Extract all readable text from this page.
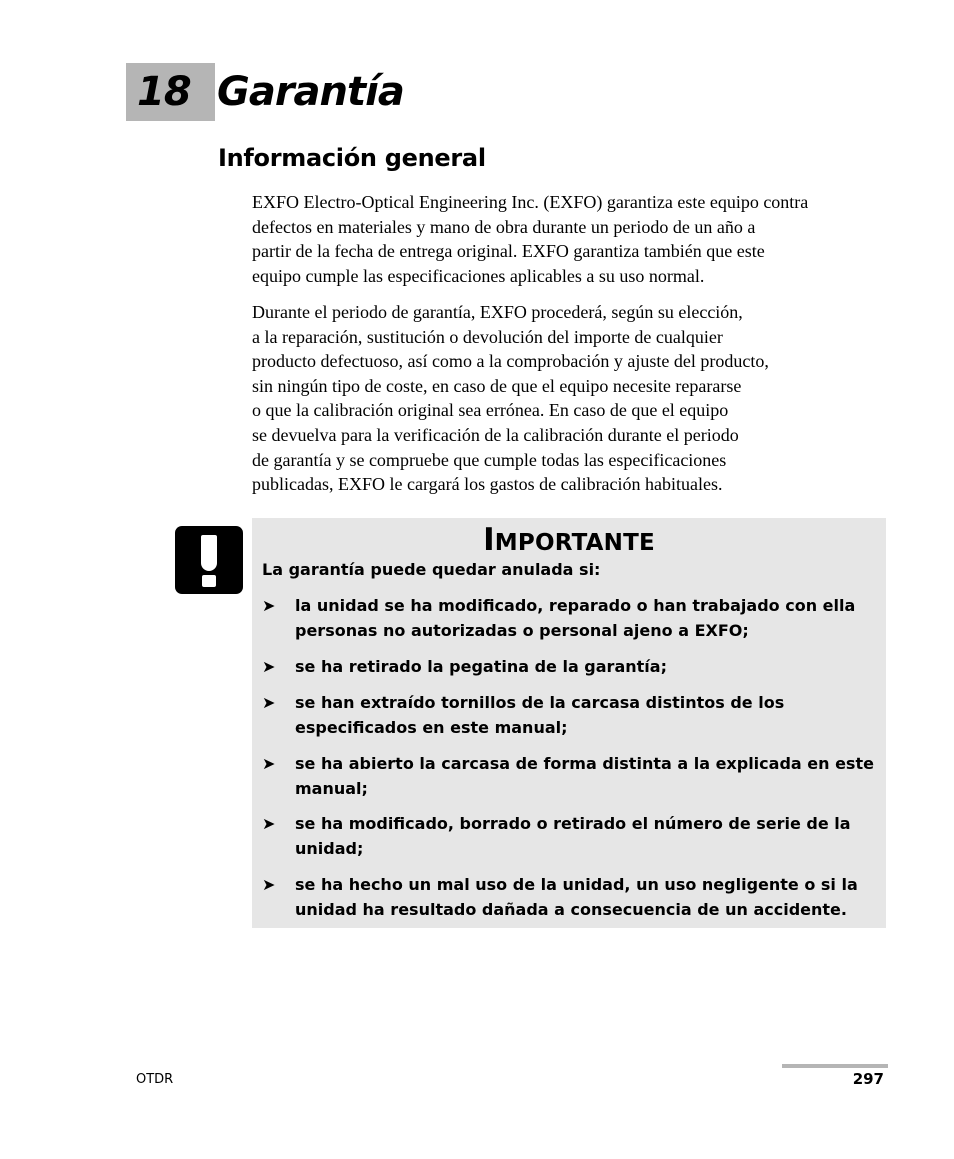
18 Garantía
Información general
EXFO Electro-Optical Engineering Inc. (EXFO) garantiza este equipo contra
defectos en materiales y mano de obra durante un periodo de un año a
partir de la fecha de entrega original. EXFO garantiza también que este
equipo cumple las especificaciones aplicables a su uso normal.
Durante el periodo de garantía, EXFO procederá, según su elección,
a la reparación, sustitución o devolución del importe de cualquier
producto defectuoso, así como a la comprobación y ajuste del producto,
sin ningún tipo de coste, en caso de que el equipo necesite repararse
o que la calibración original sea errónea. En caso de que el equipo
se devuelva para la verificación de la calibración durante el periodo
de garantía y se compruebe que cumple todas las especificaciones
publicadas, EXFO le cargará los gastos de calibración habituales.
IMPORTANTE
La garantía puede quedar anulada si:
➤ la unidad se ha modificado, reparado o han trabajado con ella
personas no autorizadas o personal ajeno a EXFO;
➤ se ha retirado la pegatina de la garantía;
➤ se han extraído tornillos de la carcasa distintos de los
especificados en este manual;
➤ se ha abierto la carcasa de forma distinta a la explicada en este
manual;
➤ se ha modificado, borrado o retirado el número de serie de la
unidad;
➤ se ha hecho un mal uso de la unidad, un uso negligente o si la
unidad ha resultado dañada a consecuencia de un accidente.
OTDR	297
